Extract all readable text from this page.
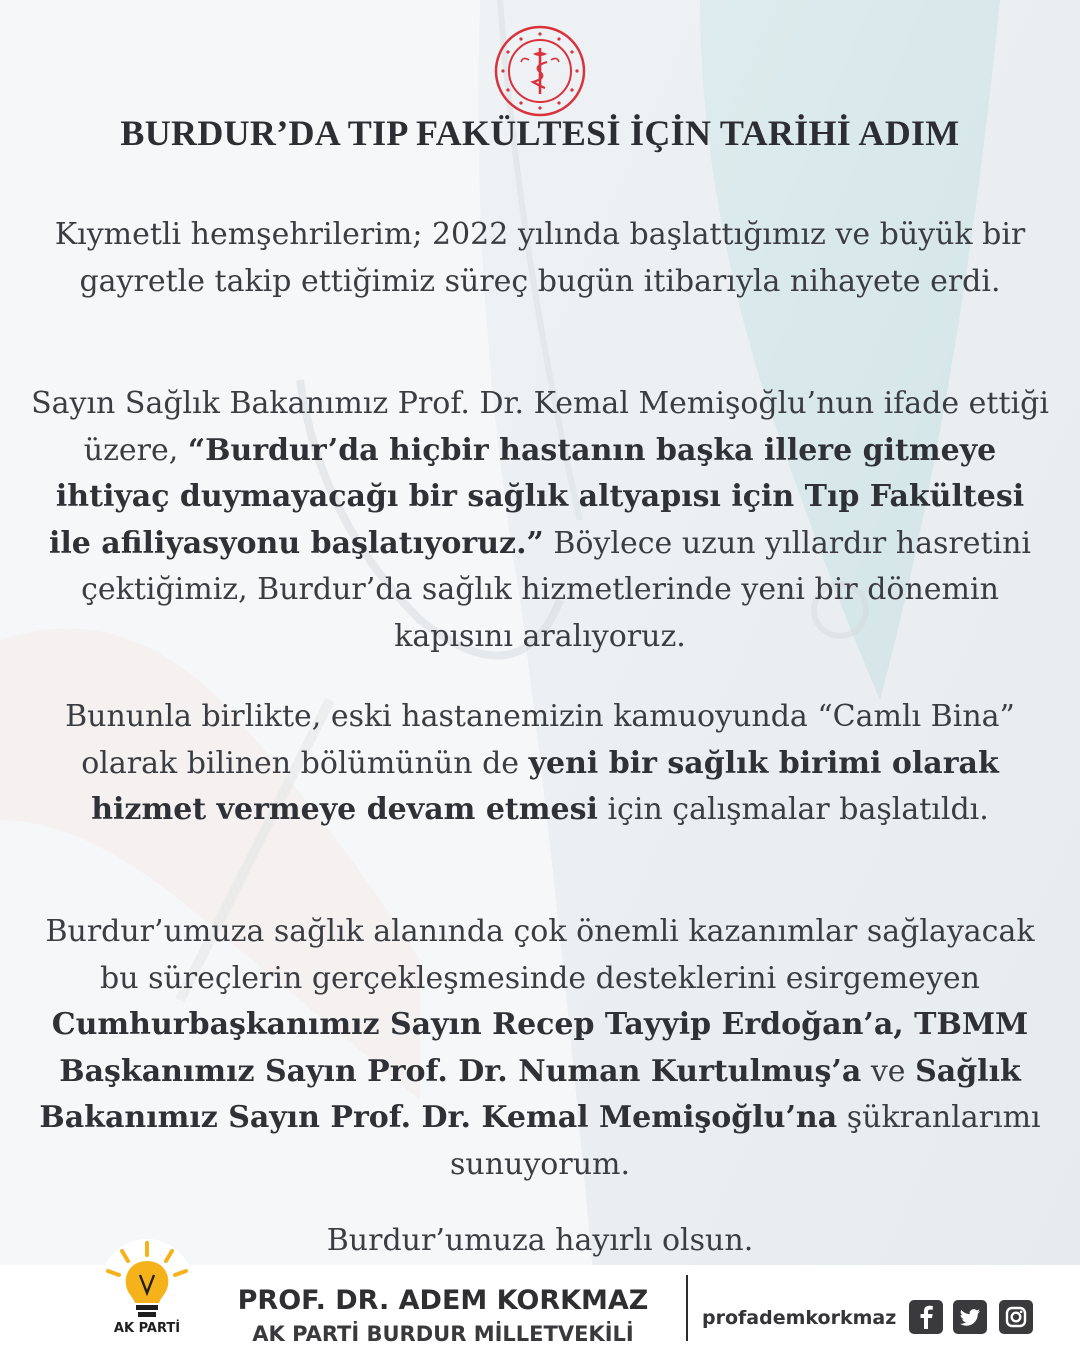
BURDUR’DA TIP FAKÜLTESİ İÇİN TARİHİ ADIM

Kıymetli hemşehrilerim; 2022 yılında başlattığımız ve büyük bir gayretle takip ettiğimiz süreç bugün itibarıyla nihayete erdi.

Sayın Sağlık Bakanımız Prof. Dr. Kemal Memişoğlu’nun ifade ettiği üzere, “Burdur’da hiçbir hastanın başka illere gitmeye ihtiyaç duymayacağı bir sağlık altyapısı için Tıp Fakültesi ile afiliyasyonu başlatıyoruz.” Böylece uzun yıllardır hasretini çektiğimiz, Burdur’da sağlık hizmetlerinde yeni bir dönemin kapısını aralıyoruz.

Bununla birlikte, eski hastanemizin kamuoyunda “Camlı Bina” olarak bilinen bölümünün de yeni bir sağlık birimi olarak hizmet vermeye devam etmesi için çalışmalar başlatıldı.

Burdur’umuza sağlık alanında çok önemli kazanımlar sağlayacak bu süreçlerin gerçekleşmesinde desteklerini esirgemeyen Cumhurbaşkanımız Sayın Recep Tayyip Erdoğan’a, TBMM Başkanımız Sayın Prof. Dr. Numan Kurtulmuş’a ve Sağlık Bakanımız Sayın Prof. Dr. Kemal Memişoğlu’na şükranlarımı sunuyorum.

Burdur’umuza hayırlı olsun.

AK PARTİ
PROF. DR. ADEM KORKMAZ
AK PARTİ BURDUR MİLLETVEKİLİ
profademkorkmaz
